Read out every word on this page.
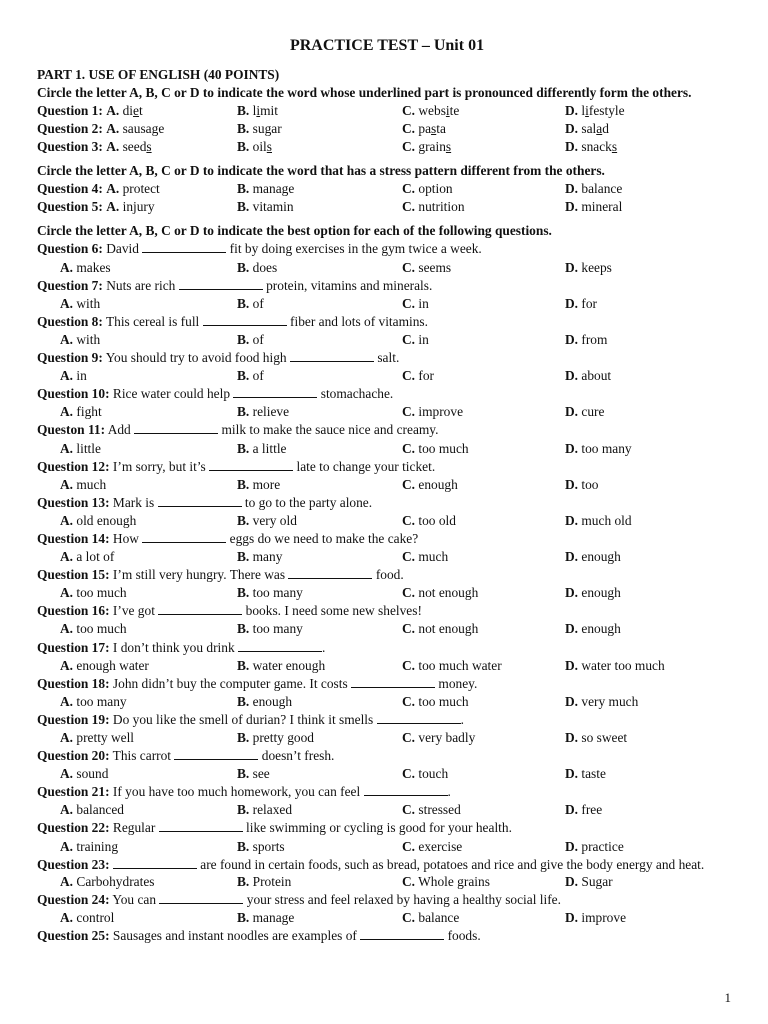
PRACTICE TEST – Unit 01
PART 1. USE OF ENGLISH (40 POINTS)
Circle the letter A, B, C or D to indicate the word whose underlined part is pronounced differently form the others.
Question 1: A. diet	B. limit	C. website	D. lifestyle
Question 2: A. sausage	B. sugar	C. pasta	D. salad
Question 3: A. seeds	B. oils	C. grains	D. snacks
Circle the letter A, B, C or D to indicate the word that has a stress pattern different from the others.
Question 4: A. protect	B. manage	C. option	D. balance
Question 5: A. injury	B. vitamin	C. nutrition	D. mineral
Circle the letter A, B, C or D to indicate the best option for each of the following questions.
Question 6: David	fit by doing exercises in the gym twice a week.
A. makes	B. does	C. seems	D. keeps
Question 7: Nuts are rich	protein, vitamins and minerals.
A. with	B. of	C. in	D. for
Question 8: This cereal is full	fiber and lots of vitamins.
A. with	B. of	C. in	D. from
Question 9: You should try to avoid food high	salt.
A. in	B. of	C. for	D. about
Question 10: Rice water could help	stomachache.
A. fight	B. relieve	C. improve	D. cure
Queston 11: Add	milk to make the sauce nice and creamy.
A. little	B. a little	C. too much	D. too many
Question 12: I’m sorry, but it’s	late to change your ticket.
A. much	B. more	C. enough	D. too
Question 13: Mark is	to go to the party alone.
A. old enough	B. very old	C. too old	D. much old
Question 14: How	eggs do we need to make the cake?
A. a lot of	B. many	C. much	D. enough
Question 15: I’m still very hungry. There was	food.
A. too much	B. too many	C. not enough	D. enough
Question 16: I’ve got	books. I need some new shelves!
A. too much	B. too many	C. not enough	D. enough
Question 17: I don’t think you drink	.
A. enough water	B. water enough	C. too much water	D. water too much
Question 18: John didn’t buy the computer game. It costs	money.
A. too many	B. enough	C. too much	D. very much
Question 19: Do you like the smell of durian? I think it smells	.
A. pretty well	B. pretty good	C. very badly	D. so sweet
Question 20: This carrot	doesn’t fresh.
A. sound	B. see	C. touch	D. taste
Question 21: If you have too much homework, you can feel	.
A. balanced	B. relaxed	C. stressed	D. free
Question 22: Regular	like swimming or cycling is good for your health.
A. training	B. sports	C. exercise	D. practice
Question 23:	are found in certain foods, such as bread, potatoes and rice and give the body energy and heat.
A. Carbohydrates	B. Protein	C. Whole grains	D. Sugar
Question 24: You can	your stress and feel relaxed by having a healthy social life.
A. control	B. manage	C. balance	D. improve
Question 25: Sausages and instant noodles are examples of	foods.
1
